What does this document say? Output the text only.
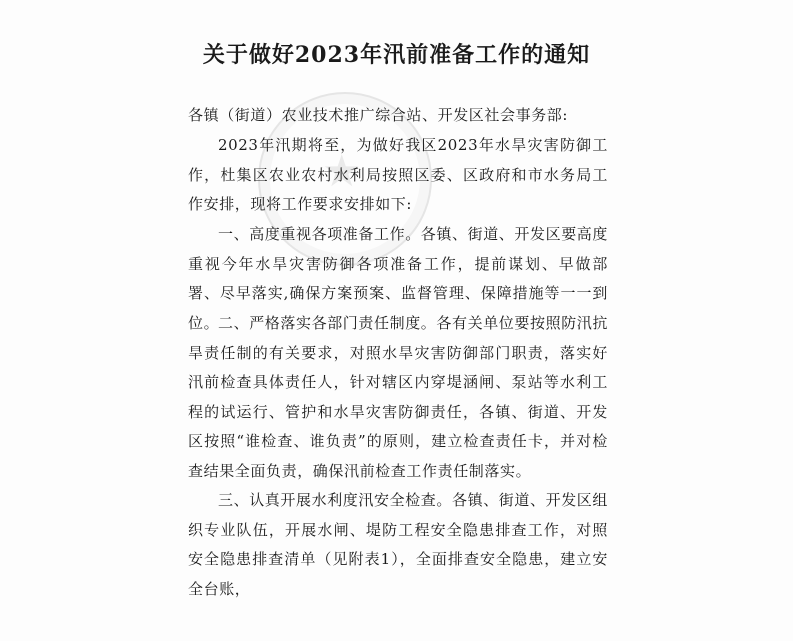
★
关于做好2023年汛前准备工作的通知

各镇（街道）农业技术推广综合站、开发区社会事务部:

2023年汛期将至，为做好我区2023年水旱灾害防御工作，杜集区农业农村水利局按照区委、区政府和市水务局工作安排，现将工作要求安排如下:

一、高度重视各项准备工作。各镇、街道、开发区要高度重视今年水旱灾害防御各项准备工作，提前谋划、早做部署、尽早落实,确保方案预案、监督管理、保障措施等一一到位。

二、严格落实各部门责任制度。各有关单位要按照防汛抗旱责任制的有关要求，对照水旱灾害防御部门职责，落实好汛前检查具体责任人，针对辖区内穿堤涵闸、泵站等水利工程的试运行、管护和水旱灾害防御责任，各镇、街道、开发区按照“谁检查、谁负责”的原则，建立检查责任卡，并对检查结果全面负责，确保汛前检查工作责任制落实。

三、认真开展水利度汛安全检查。各镇、街道、开发区组织专业队伍，开展水闸、堤防工程安全隐患排查工作，对照安全隐患排查清单（见附表1），全面排查安全隐患，建立安全台账，
